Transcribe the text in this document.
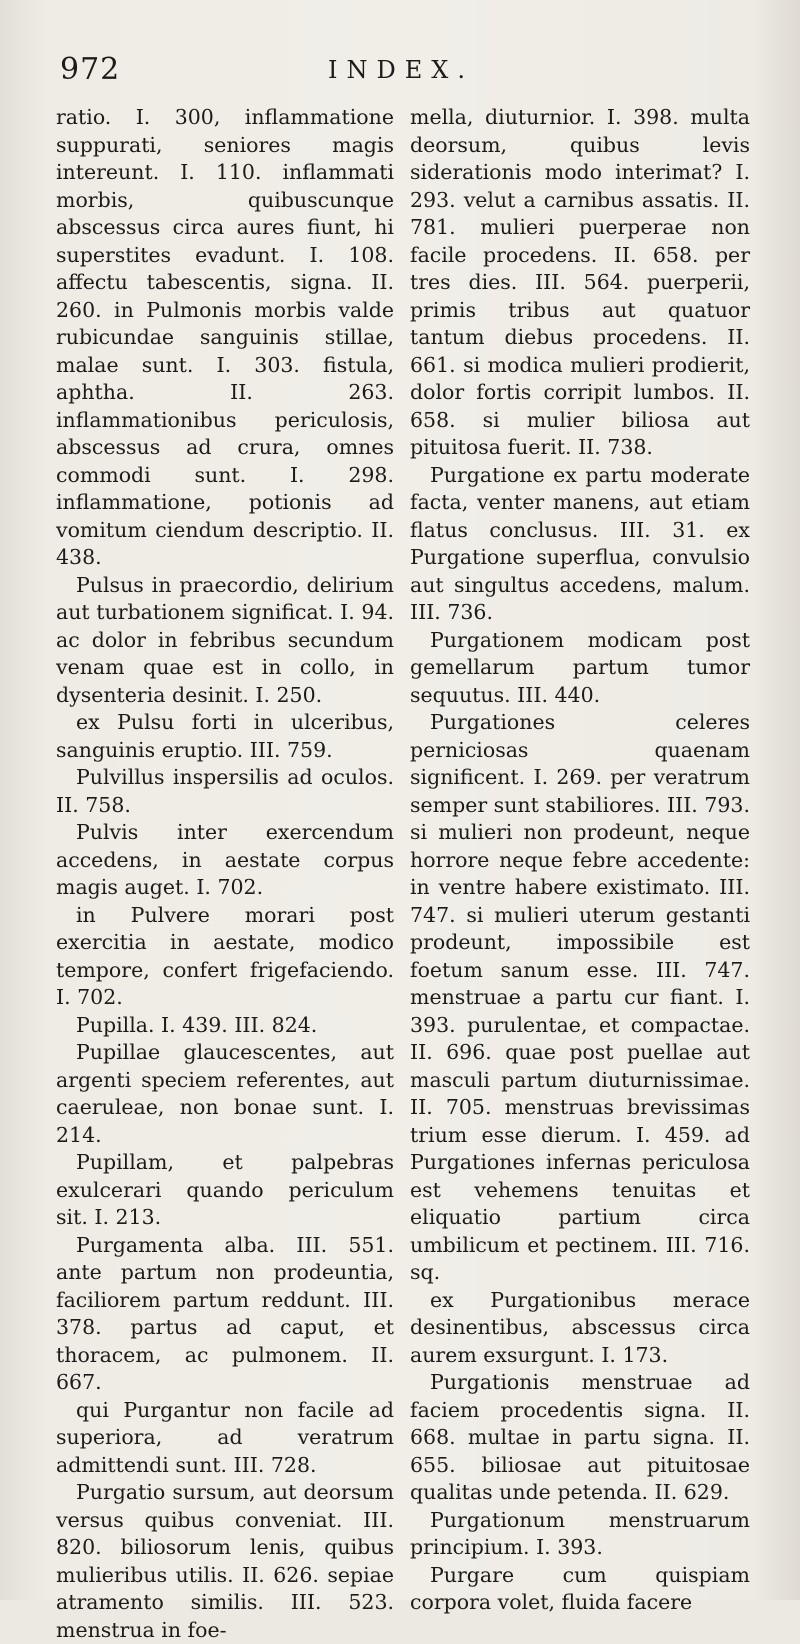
972	INDEX.

ratio. I. 300, inflammatione suppurati, seniores magis intereunt. I. 110. inflammati morbis, quibuscunque abscessus circa aures fiunt, hi superstites evadunt. I. 108. affectu tabescentis, signa. II. 260. in Pulmonis morbis valde rubicundae sanguinis stillae, malae sunt. I. 303. fistula, aphtha. II. 263. inflammationibus periculosis, abscessus ad crura, omnes commodi sunt. I. 298. inflammatione, potionis ad vomitum ciendum descriptio. II. 438.

Pulsus in praecordio, delirium aut turbationem significat. I. 94. ac dolor in febribus secundum venam quae est in collo, in dysenteria desinit. I. 250.

ex Pulsu forti in ulceribus, sanguinis eruptio. III. 759.

Pulvillus inspersilis ad oculos. II. 758.

Pulvis inter exercendum accedens, in aestate corpus magis auget. I. 702.

in Pulvere morari post exercitia in aestate, modico tempore, confert frigefaciendo. I. 702.

Pupilla. I. 439. III. 824.

Pupillae glaucescentes, aut argenti speciem referentes, aut caeruleae, non bonae sunt. I. 214.

Pupillam, et palpebras exulcerari quando periculum sit. I. 213.

Purgamenta alba. III. 551. ante partum non prodeuntia, faciliorem partum reddunt. III. 378. partus ad caput, et thoracem, ac pulmonem. II. 667.

qui Purgantur non facile ad superiora, ad veratrum admittendi sunt. III. 728.

Purgatio sursum, aut deorsum versus quibus conveniat. III. 820. biliosorum lenis, quibus mulieribus utilis. II. 626. sepiae atramento similis. III. 523. menstrua in foe-

mella, diuturnior. I. 398. multa deorsum, quibus levis siderationis modo interimat? I. 293. velut a carnibus assatis. II. 781. mulieri puerperae non facile procedens. II. 658. per tres dies. III. 564. puerperii, primis tribus aut quatuor tantum diebus procedens. II. 661. si modica mulieri prodierit, dolor fortis corripit lumbos. II. 658. si mulier biliosa aut pituitosa fuerit. II. 738.

Purgatione ex partu moderate facta, venter manens, aut etiam flatus conclusus. III. 31. ex Purgatione superflua, convulsio aut singultus accedens, malum. III. 736.

Purgationem modicam post gemellarum partum tumor sequutus. III. 440.

Purgationes celeres perniciosas quaenam significent. I. 269. per veratrum semper sunt stabiliores. III. 793. si mulieri non prodeunt, neque horrore neque febre accedente: in ventre habere existimato. III. 747. si mulieri uterum gestanti prodeunt, impossibile est foetum sanum esse. III. 747. menstruae a partu cur fiant. I. 393. purulentae, et compactae. II. 696. quae post puellae aut masculi partum diuturnissimae. II. 705. menstruas brevissimas trium esse dierum. I. 459. ad Purgationes infernas periculosa est vehemens tenuitas et eliquatio partium circa umbilicum et pectinem. III. 716. sq.

ex Purgationibus merace desinentibus, abscessus circa aurem exsurgunt. I. 173.

Purgationis menstruae ad faciem procedentis signa. II. 668. multae in partu signa. II. 655. biliosae aut pituitosae qualitas unde petenda. II. 629.

Purgationum menstruarum principium. I. 393.

Purgare cum quispiam corpora volet, fluida facere
